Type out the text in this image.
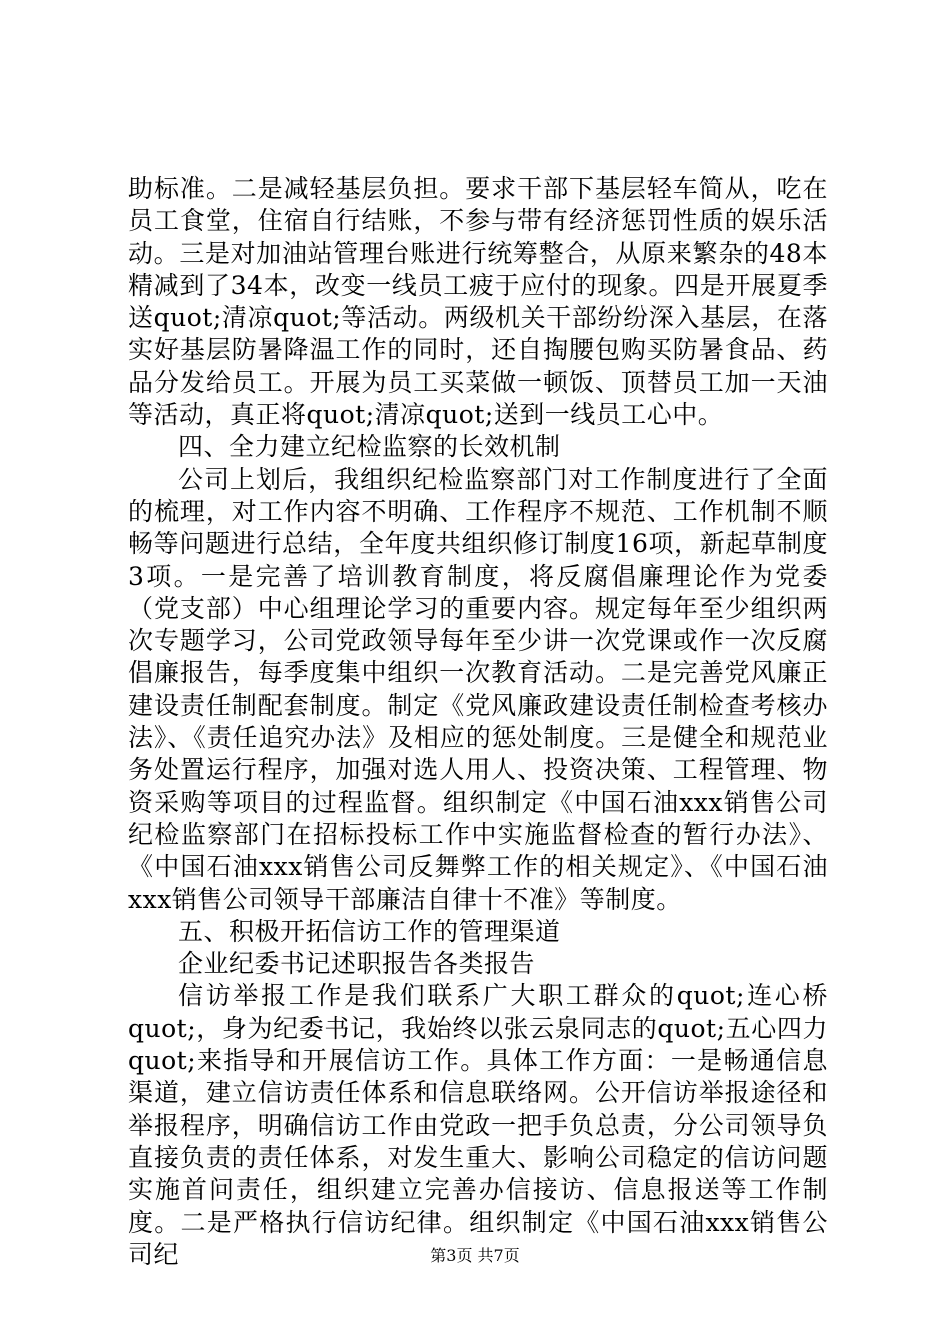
助标准。二是减轻基层负担。要求干部下基层轻车简从，吃在员工食堂，住宿自行结账，不参与带有经济惩罚性质的娱乐活动。三是对加油站管理台账进行统筹整合，从原来繁杂的48本精减到了34本，改变一线员工疲于应付的现象。四是开展夏季送quot;清凉quot;等活动。两级机关干部纷纷深入基层，在落实好基层防暑降温工作的同时，还自掏腰包购买防暑食品、药品分发给员工。开展为员工买菜做一顿饭、顶替员工加一天油等活动，真正将quot;清凉quot;送到一线员工心中。

四、全力建立纪检监察的长效机制

公司上划后，我组织纪检监察部门对工作制度进行了全面的梳理，对工作内容不明确、工作程序不规范、工作机制不顺畅等问题进行总结，全年度共组织修订制度16项，新起草制度3项。一是完善了培训教育制度，将反腐倡廉理论作为党委（党支部）中心组理论学习的重要内容。规定每年至少组织两次专题学习，公司党政领导每年至少讲一次党课或作一次反腐倡廉报告，每季度集中组织一次教育活动。二是完善党风廉正建设责任制配套制度。制定《党风廉政建设责任制检查考核办法》、《责任追究办法》及相应的惩处制度。三是健全和规范业务处置运行程序，加强对选人用人、投资决策、工程管理、物资采购等项目的过程监督。组织制定《中国石油xxx销售公司纪检监察部门在招标投标工作中实施监督检查的暂行办法》、《中国石油xxx销售公司反舞弊工作的相关规定》、《中国石油xxx销售公司领导干部廉洁自律十不准》等制度。

五、积极开拓信访工作的管理渠道

企业纪委书记述职报告各类报告

信访举报工作是我们联系广大职工群众的quot;连心桥quot;，身为纪委书记，我始终以张云泉同志的quot;五心四力quot;来指导和开展信访工作。具体工作方面：一是畅通信息渠道，建立信访责任体系和信息联络网。公开信访举报途径和举报程序，明确信访工作由党政一把手负总责，分公司领导负直接负责的责任体系，对发生重大、影响公司稳定的信访问题实施首问责任，组织建立完善办信接访、信息报送等工作制度。二是严格执行信访纪律。组织制定《中国石油xxx销售公司纪	第3页 共7页
